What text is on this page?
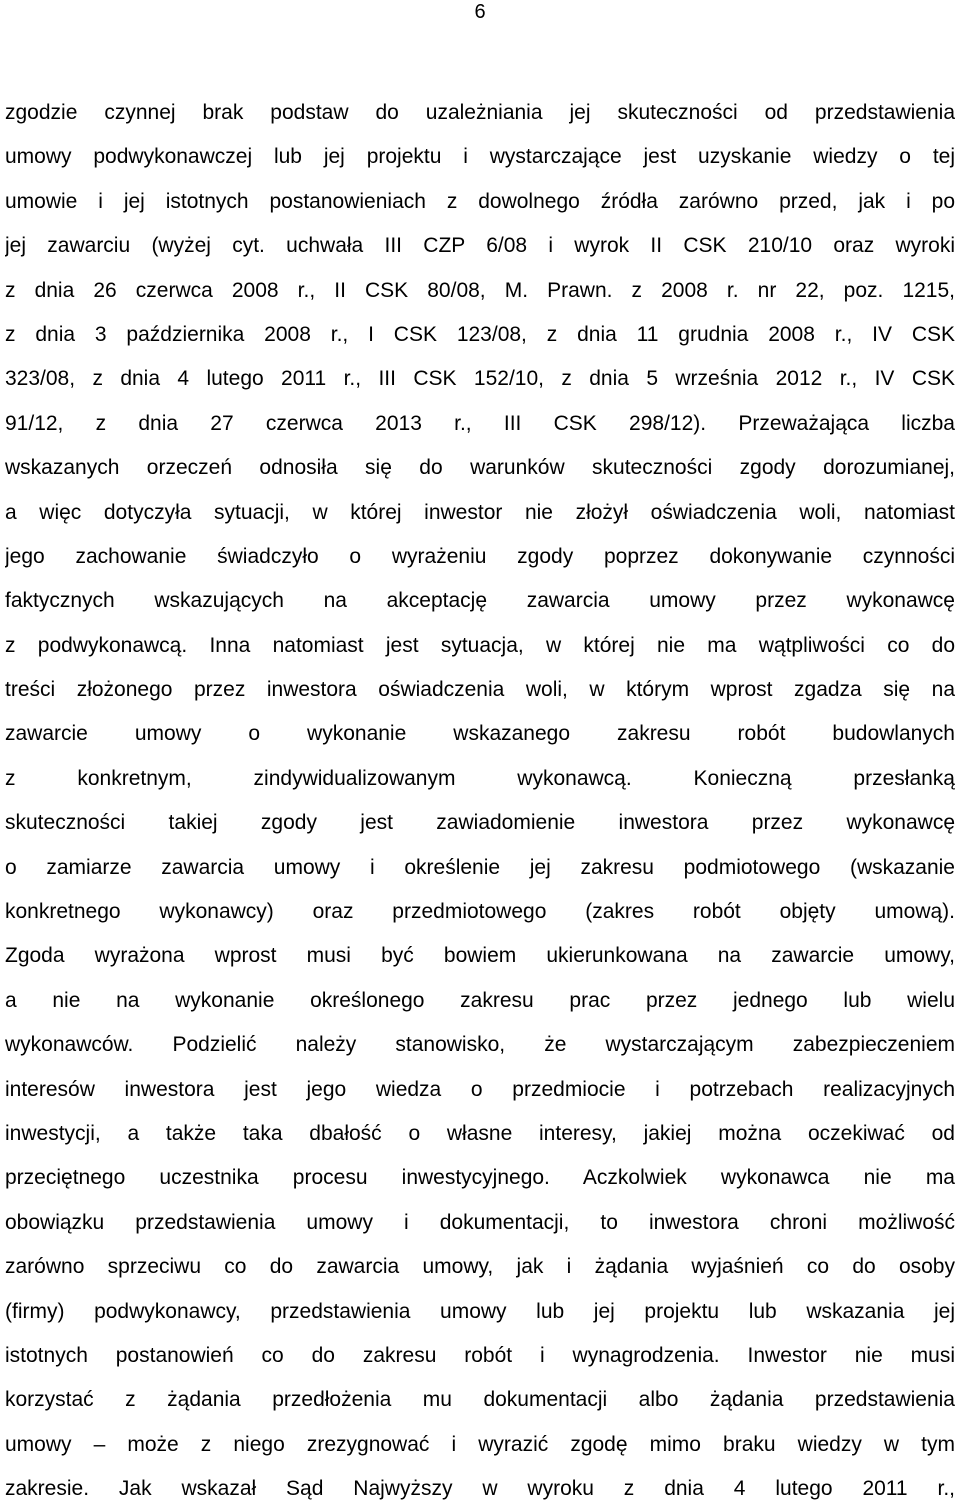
6
zgodzie czynnej brak podstaw do uzależniania jej skuteczności od przedstawienia
umowy podwykonawczej lub jej projektu i wystarczające jest uzyskanie wiedzy o tej
umowie i jej istotnych postanowieniach z dowolnego źródła zarówno przed, jak i po
jej zawarciu (wyżej cyt. uchwała III CZP 6/08 i wyrok II CSK 210/10 oraz wyroki
z dnia 26 czerwca 2008 r., II CSK 80/08, M. Prawn. z 2008 r. nr 22, poz. 1215,
z dnia 3 października 2008 r., I CSK 123/08, z dnia 11 grudnia 2008 r., IV CSK
323/08, z dnia 4 lutego 2011 r., III CSK 152/10, z dnia 5 września 2012 r., IV CSK
91/12, z dnia 27 czerwca 2013 r., III CSK 298/12). Przeważająca liczba
wskazanych orzeczeń odnosiła się do warunków skuteczności zgody dorozumianej,
a więc dotyczyła sytuacji, w której inwestor nie złożył oświadczenia woli, natomiast
jego zachowanie świadczyło o wyrażeniu zgody poprzez dokonywanie czynności
faktycznych wskazujących na akceptację zawarcia umowy przez wykonawcę
z podwykonawcą. Inna natomiast jest sytuacja, w której nie ma wątpliwości co do
treści złożonego przez inwestora oświadczenia woli, w którym wprost zgadza się na
zawarcie umowy o wykonanie wskazanego zakresu robót budowlanych
z konkretnym, zindywidualizowanym wykonawcą. Konieczną przesłanką
skuteczności takiej zgody jest zawiadomienie inwestora przez wykonawcę
o zamiarze zawarcia umowy i określenie jej zakresu podmiotowego (wskazanie
konkretnego wykonawcy) oraz przedmiotowego (zakres robót objęty umową).
Zgoda wyrażona wprost musi być bowiem ukierunkowana na zawarcie umowy,
a nie na wykonanie określonego zakresu prac przez jednego lub wielu
wykonawców. Podzielić należy stanowisko, że wystarczającym zabezpieczeniem
interesów inwestora jest jego wiedza o przedmiocie i potrzebach realizacyjnych
inwestycji, a także taka dbałość o własne interesy, jakiej można oczekiwać od
przeciętnego uczestnika procesu inwestycyjnego. Aczkolwiek wykonawca nie ma
obowiązku przedstawienia umowy i dokumentacji, to inwestora chroni możliwość
zarówno sprzeciwu co do zawarcia umowy, jak i żądania wyjaśnień co do osoby
(firmy) podwykonawcy, przedstawienia umowy lub jej projektu lub wskazania jej
istotnych postanowień co do zakresu robót i wynagrodzenia. Inwestor nie musi
korzystać z żądania przedłożenia mu dokumentacji albo żądania przedstawienia
umowy – może z niego zrezygnować i wyrazić zgodę mimo braku wiedzy w tym
zakresie. Jak wskazał Sąd Najwyższy w wyroku z dnia 4 lutego 2011 r.,
